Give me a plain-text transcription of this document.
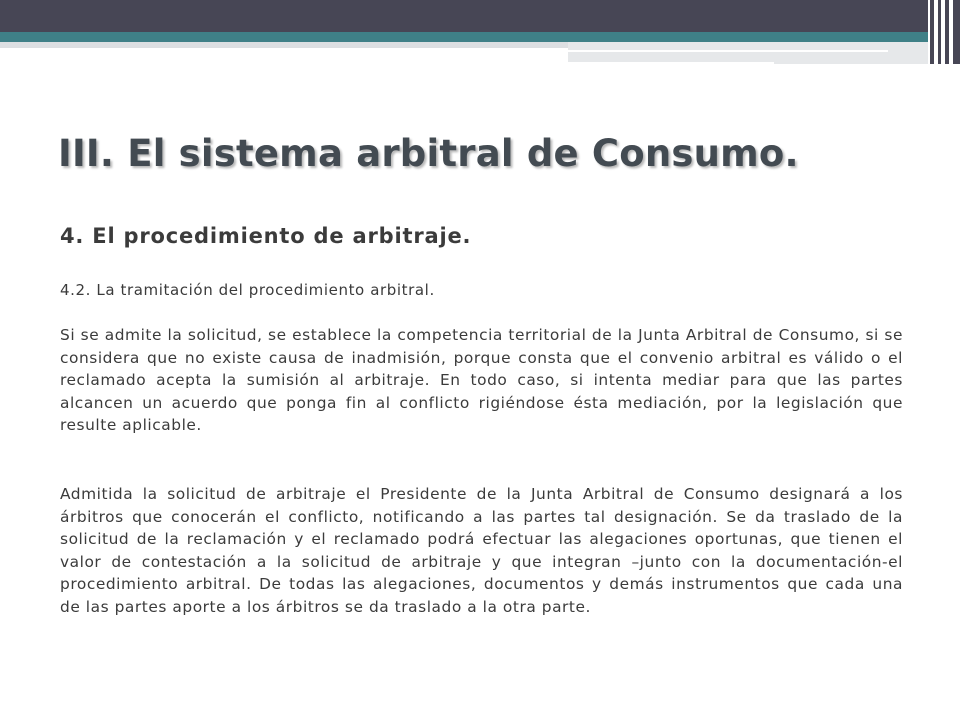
III. El sistema arbitral de Consumo.
4. El procedimiento de arbitraje.

4.2. La tramitación del procedimiento arbitral.

Si se admite la solicitud, se establece la competencia territorial de la Junta Arbitral de Consumo, si se considera que no existe causa de inadmisión, porque consta que el convenio arbitral es válido o el reclamado acepta la sumisión al arbitraje. En todo caso, si intenta mediar para que las partes alcancen un acuerdo que ponga fin al conflicto rigiéndose ésta mediación, por la legislación que resulte aplicable.

Admitida la solicitud de arbitraje el Presidente de la Junta Arbitral de Consumo designará a los árbitros que conocerán el conflicto, notificando a las partes tal designación. Se da traslado de la solicitud de la reclamación y el reclamado podrá efectuar las alegaciones oportunas, que tienen el valor de contestación a la solicitud de arbitraje y que integran –junto con la documentación-el procedimiento arbitral. De todas las alegaciones, documentos y demás instrumentos que cada una de las partes aporte a los árbitros se da traslado a la otra parte.
